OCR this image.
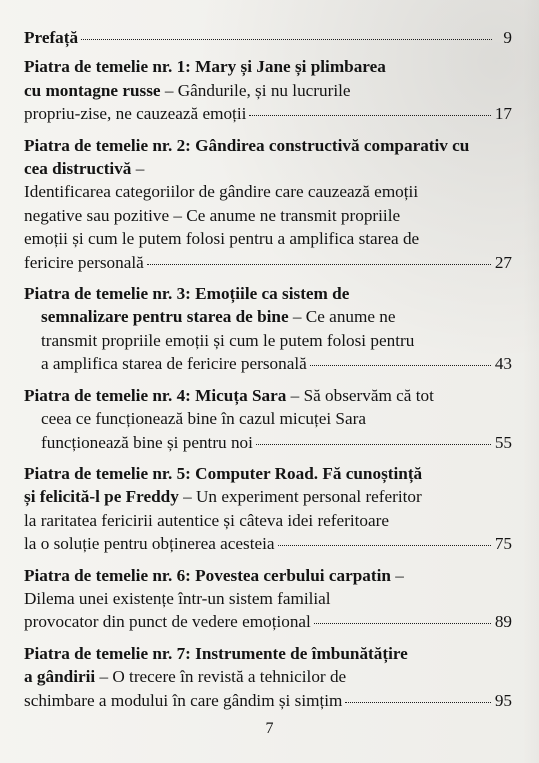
Prefață	9
Piatra de temelie nr. 1: Mary și Jane și plimbarea
cu montagne russe – Gândurile, și nu lucrurile
propriu-zise, ne cauzează emoții	17
Piatra de temelie nr. 2: Gândirea constructivă comparativ cu
cea distructivă –
Identificarea categoriilor de gândire care cauzează emoții
negative sau pozitive – Ce anume ne transmit propriile
emoții și cum le putem folosi pentru a amplifica starea de
fericire personală	27
Piatra de temelie nr. 3: Emoțiile ca sistem de
semnalizare pentru starea de bine – Ce anume ne
transmit propriile emoții și cum le putem folosi pentru
a amplifica starea de fericire personală	43
Piatra de temelie nr. 4: Micuța Sara – Să observăm că tot
ceea ce funcționează bine în cazul micuței Sara
funcționează bine și pentru noi	55
Piatra de temelie nr. 5: Computer Road. Fă cunoștință
și felicită-l pe Freddy – Un experiment personal referitor
la raritatea fericirii autentice și câteva idei referitoare
la o soluție pentru obținerea acesteia	75
Piatra de temelie nr. 6: Povestea cerbului carpatin –
Dilema unei existențe într-un sistem familial
provocator din punct de vedere emoțional	89
Piatra de temelie nr. 7: Instrumente de îmbunătățire
a gândirii – O trecere în revistă a tehnicilor de
schimbare a modului în care gândim și simțim	95
7
